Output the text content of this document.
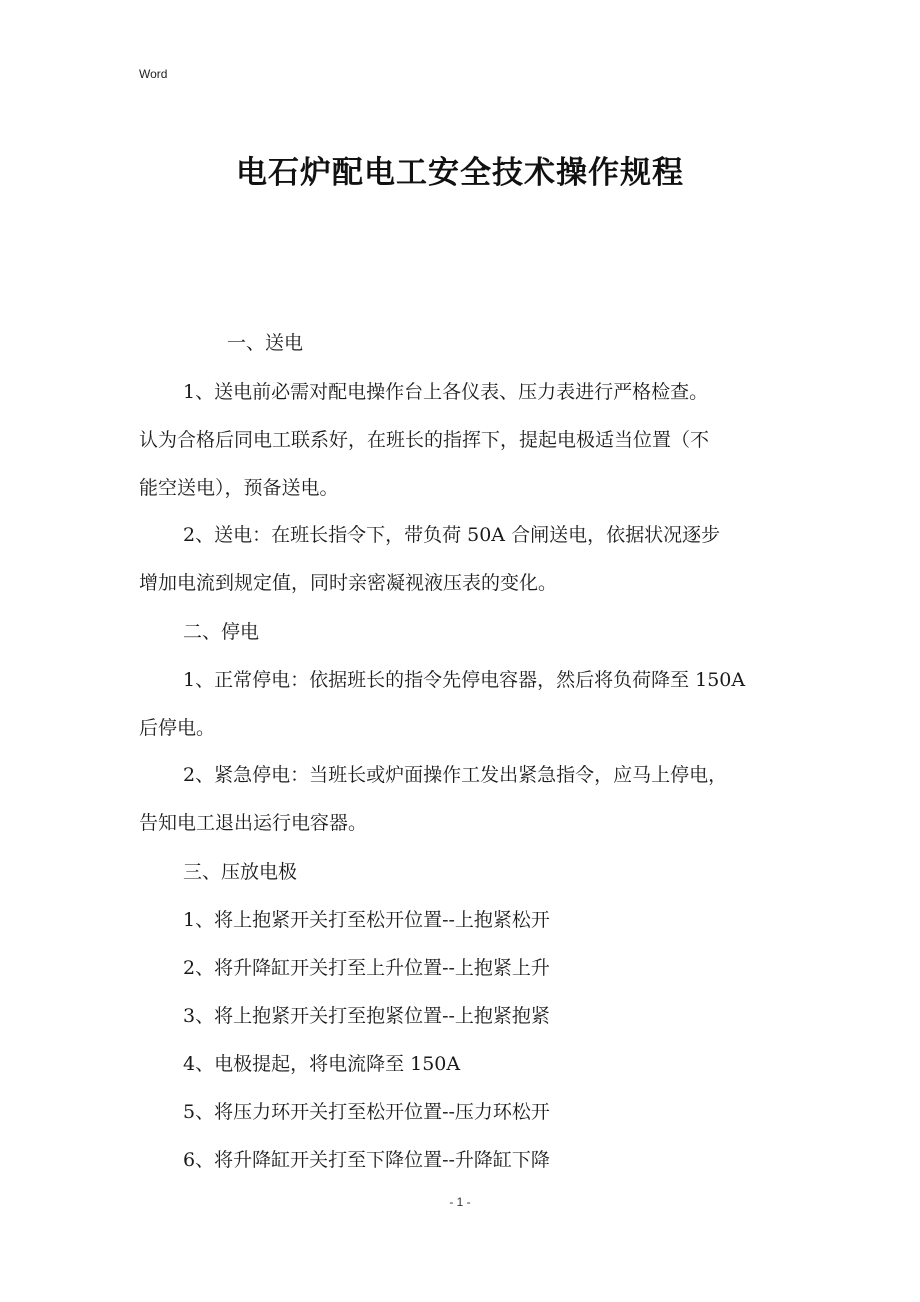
Word
电石炉配电工安全技术操作规程
一、送电
1、送电前必需对配电操作台上各仪表、压力表进行严格检查。
认为合格后同电工联系好，在班长的指挥下，提起电极适当位置（不
能空送电），预备送电。
2、送电：在班长指令下，带负荷 50A 合闸送电，依据状况逐步
增加电流到规定值，同时亲密凝视液压表的变化。
二、停电
1、正常停电：依据班长的指令先停电容器，然后将负荷降至 150A
后停电。
2、紧急停电：当班长或炉面操作工发出紧急指令，应马上停电，
告知电工退出运行电容器。
三、压放电极
1、将上抱紧开关打至松开位置--上抱紧松开
2、将升降缸开关打至上升位置--上抱紧上升
3、将上抱紧开关打至抱紧位置--上抱紧抱紧
4、电极提起，将电流降至 150A
5、将压力环开关打至松开位置--压力环松开
6、将升降缸开关打至下降位置--升降缸下降
- 1 -
